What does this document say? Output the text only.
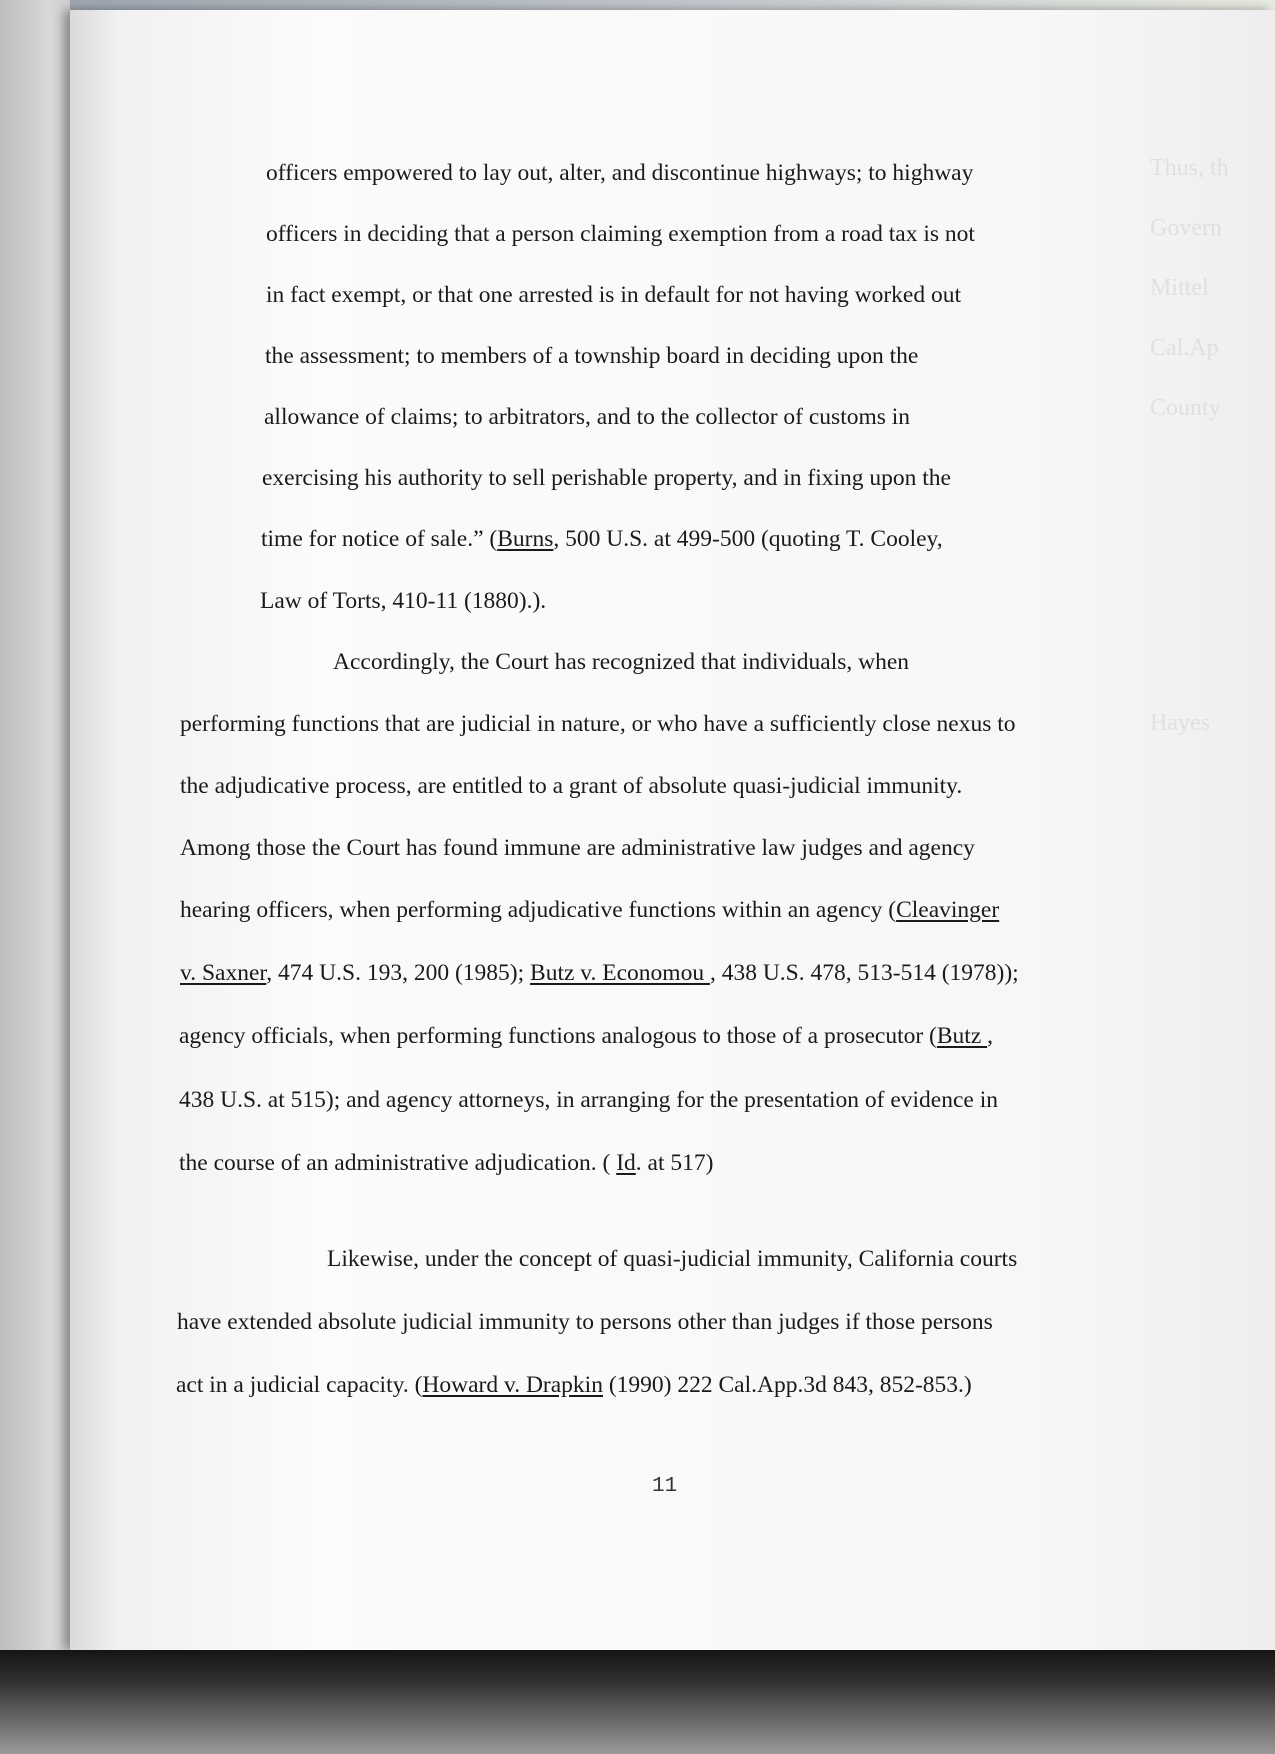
Thus, th
Govern
Mittel
Cal.Ap
County
Hayes
officers empowered to lay out, alter, and discontinue highways; to highway
officers in deciding that a person claiming exemption from a road tax is not
in fact exempt, or that one arrested is in default for not having worked out
the assessment; to members of a township board in deciding upon the
allowance of claims; to arbitrators, and to the collector of customs in
exercising his authority to sell perishable property, and in fixing upon the
time for notice of sale.” (Burns, 500 U.S. at 499-500 (quoting T. Cooley,
Law of Torts, 410-11 (1880).).
Accordingly, the Court has recognized that individuals, when
performing functions that are judicial in nature, or who have a sufficiently close nexus to
the adjudicative process, are entitled to a grant of absolute quasi-judicial immunity.
Among those the Court has found immune are administrative law judges and agency
hearing officers, when performing adjudicative functions within an agency (Cleavinger
v. Saxner, 474 U.S. 193, 200 (1985); Butz v. Economou , 438 U.S. 478, 513-514 (1978));
agency officials, when performing functions analogous to those of a prosecutor (Butz ,
438 U.S. at 515); and agency attorneys, in arranging for the presentation of evidence in
the course of an administrative adjudication. ( Id. at 517)
Likewise, under the concept of quasi-judicial immunity, California courts
have extended absolute judicial immunity to persons other than judges if those persons
act in a judicial capacity. (Howard v. Drapkin (1990) 222 Cal.App.3d 843, 852-853.)
11
